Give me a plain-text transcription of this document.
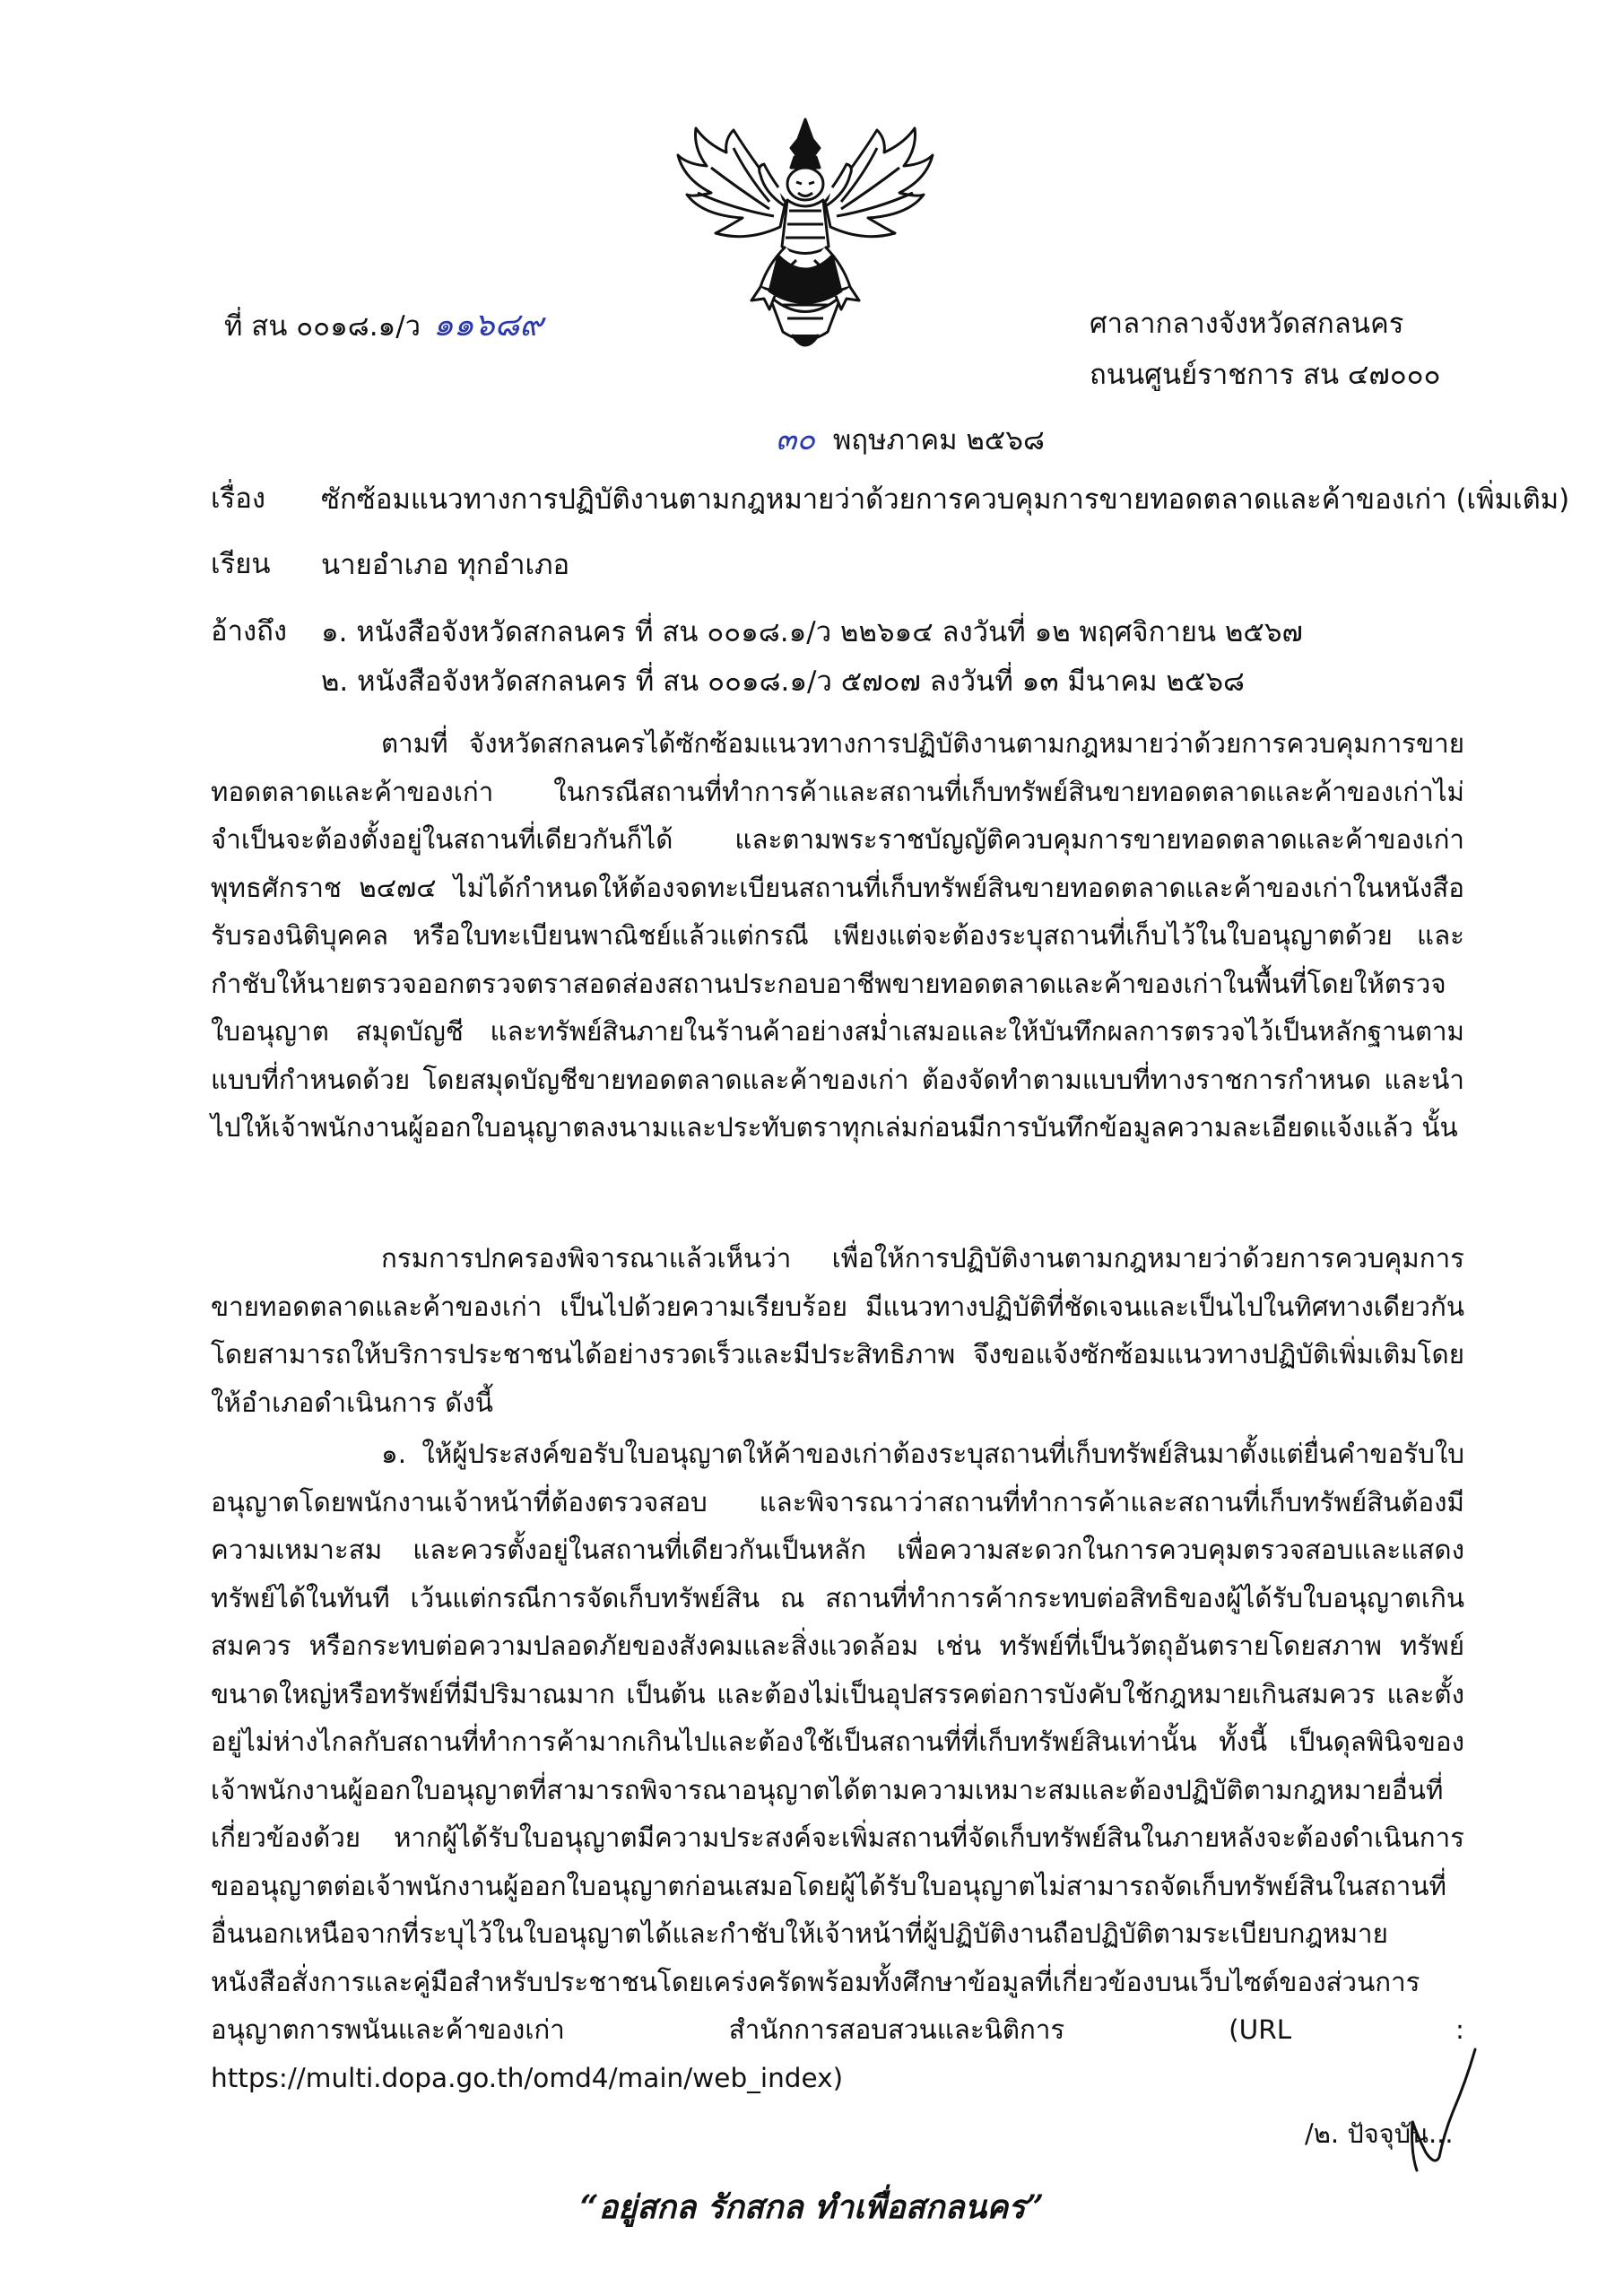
ที่ สน ๐๐๑๘.๑/ว ๑๑๖๘๙	ศาลากลางจังหวัดสกลนคร
ถนนศูนย์ราชการ สน ๔๗๐๐๐
๓๐ พฤษภาคม ๒๕๖๘
เรื่อง ซักซ้อมแนวทางการปฏิบัติงานตามกฎหมายว่าด้วยการควบคุมการขายทอดตลาดและค้าของเก่า (เพิ่มเติม)
เรียน นายอำเภอ ทุกอำเภอ
อ้างถึง ๑. หนังสือจังหวัดสกลนคร ที่ สน ๐๐๑๘.๑/ว ๒๒๖๑๔ ลงวันที่ ๑๒ พฤศจิกายน ๒๕๖๗
๒. หนังสือจังหวัดสกลนคร ที่ สน ๐๐๑๘.๑/ว ๕๗๐๗ ลงวันที่ ๑๓ มีนาคม ๒๕๖๘

ตามที่ จังหวัดสกลนครได้ซักซ้อมแนวทางการปฏิบัติงานตามกฎหมายว่าด้วยการควบคุมการขายทอดตลาดและค้าของเก่า ในกรณีสถานที่ทำการค้าและสถานที่เก็บทรัพย์สินขายทอดตลาดและค้าของเก่าไม่จำเป็นจะต้องตั้งอยู่ในสถานที่เดียวกันก็ได้ และตามพระราชบัญญัติควบคุมการขายทอดตลาดและค้าของเก่า พุทธศักราช ๒๔๗๔ ไม่ได้กำหนดให้ต้องจดทะเบียนสถานที่เก็บทรัพย์สินขายทอดตลาดและค้าของเก่าในหนังสือรับรองนิติบุคคล หรือใบทะเบียนพาณิชย์แล้วแต่กรณี เพียงแต่จะต้องระบุสถานที่เก็บไว้ในใบอนุญาตด้วย และกำชับให้นายตรวจออกตรวจตราสอดส่องสถานประกอบอาชีพขายทอดตลาดและค้าของเก่าในพื้นที่โดยให้ตรวจใบอนุญาต สมุดบัญชี และทรัพย์สินภายในร้านค้าอย่างสม่ำเสมอและให้บันทึกผลการตรวจไว้เป็นหลักฐานตามแบบที่กำหนดด้วย โดยสมุดบัญชีขายทอดตลาดและค้าของเก่า ต้องจัดทำตามแบบที่ทางราชการกำหนด และนำไปให้เจ้าพนักงานผู้ออกใบอนุญาตลงนามและประทับตราทุกเล่มก่อนมีการบันทึกข้อมูลความละเอียดแจ้งแล้ว นั้น

กรมการปกครองพิจารณาแล้วเห็นว่า เพื่อให้การปฏิบัติงานตามกฎหมายว่าด้วยการควบคุมการขายทอดตลาดและค้าของเก่า เป็นไปด้วยความเรียบร้อย มีแนวทางปฏิบัติที่ชัดเจนและเป็นไปในทิศทางเดียวกันโดยสามารถให้บริการประชาชนได้อย่างรวดเร็วและมีประสิทธิภาพ จึงขอแจ้งซักซ้อมแนวทางปฏิบัติเพิ่มเติมโดยให้อำเภอดำเนินการ ดังนี้

๑. ให้ผู้ประสงค์ขอรับใบอนุญาตให้ค้าของเก่าต้องระบุสถานที่เก็บทรัพย์สินมาตั้งแต่ยื่นคำขอรับใบอนุญาตโดยพนักงานเจ้าหน้าที่ต้องตรวจสอบ และพิจารณาว่าสถานที่ทำการค้าและสถานที่เก็บทรัพย์สินต้องมีความเหมาะสม และควรตั้งอยู่ในสถานที่เดียวกันเป็นหลัก เพื่อความสะดวกในการควบคุมตรวจสอบและแสดงทรัพย์ได้ในทันที เว้นแต่กรณีการจัดเก็บทรัพย์สิน ณ สถานที่ทำการค้ากระทบต่อสิทธิของผู้ได้รับใบอนุญาตเกินสมควร หรือกระทบต่อความปลอดภัยของสังคมและสิ่งแวดล้อม เช่น ทรัพย์ที่เป็นวัตถุอันตรายโดยสภาพ ทรัพย์ขนาดใหญ่หรือทรัพย์ที่มีปริมาณมาก เป็นต้น และต้องไม่เป็นอุปสรรคต่อการบังคับใช้กฎหมายเกินสมควร และตั้งอยู่ไม่ห่างไกลกับสถานที่ทำการค้ามากเกินไปและต้องใช้เป็นสถานที่ที่เก็บทรัพย์สินเท่านั้น ทั้งนี้ เป็นดุลพินิจของเจ้าพนักงานผู้ออกใบอนุญาตที่สามารถพิจารณาอนุญาตได้ตามความเหมาะสมและต้องปฏิบัติตามกฎหมายอื่นที่เกี่ยวข้องด้วย หากผู้ได้รับใบอนุญาตมีความประสงค์จะเพิ่มสถานที่จัดเก็บทรัพย์สินในภายหลังจะต้องดำเนินการขออนุญาตต่อเจ้าพนักงานผู้ออกใบอนุญาตก่อนเสมอโดยผู้ได้รับใบอนุญาตไม่สามารถจัดเก็บทรัพย์สินในสถานที่อื่นนอกเหนือจากที่ระบุไว้ในใบอนุญาตได้และกำชับให้เจ้าหน้าที่ผู้ปฏิบัติงานถือปฏิบัติตามระเบียบกฎหมายหนังสือสั่งการและคู่มือสำหรับประชาชนโดยเคร่งครัดพร้อมทั้งศึกษาข้อมูลที่เกี่ยวข้องบนเว็บไซต์ของส่วนการอนุญาตการพนันและค้าของเก่า สำนักการสอบสวนและนิติการ (URL : https://multi.dopa.go.th/omd4/main/web_index)

/๒. ปัจจุบัน...
“อยู่สกล รักสกล ทำเพื่อสกลนคร”
